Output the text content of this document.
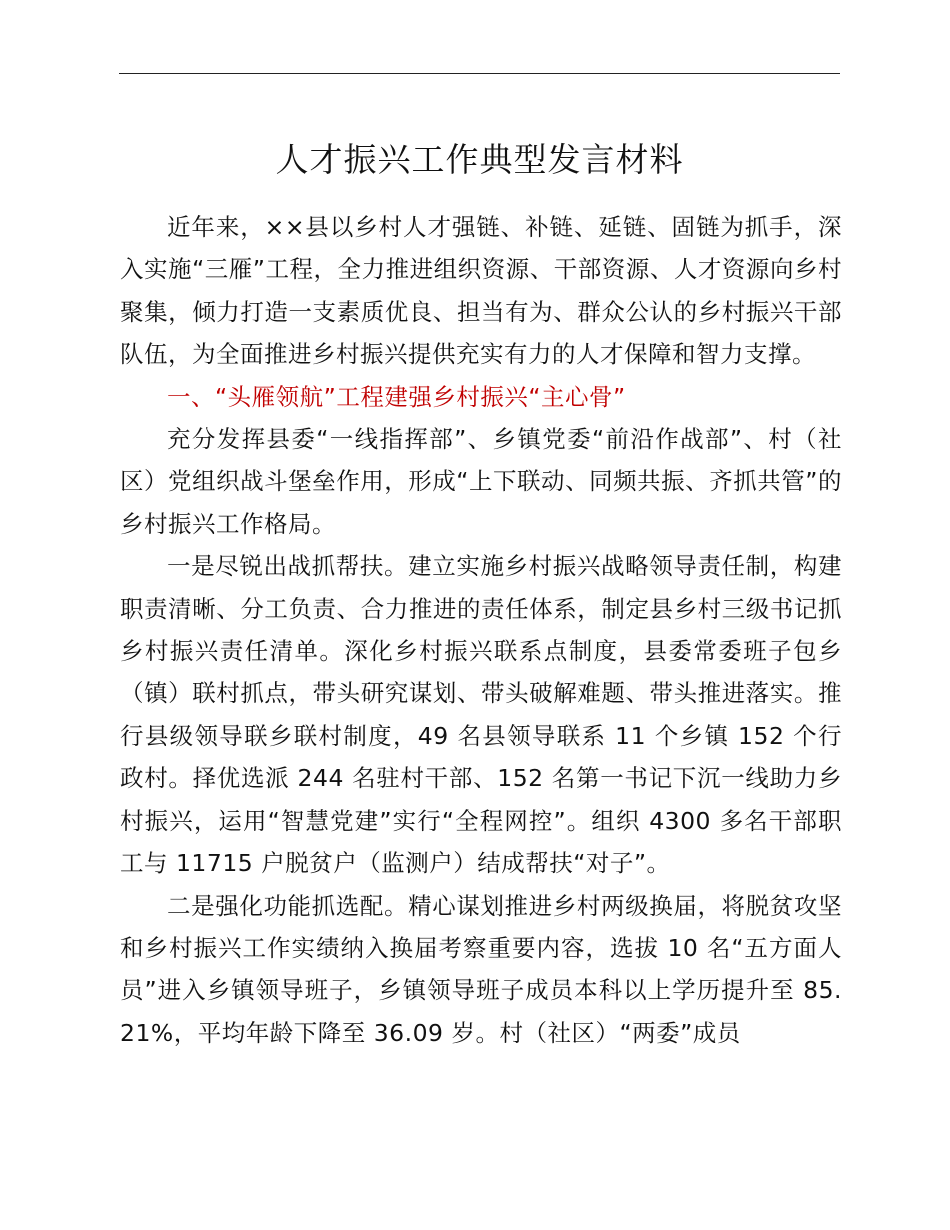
人才振兴工作典型发言材料

近年来，××县以乡村人才强链、补链、延链、固链为抓手，深入实施“三雁”工程，全力推进组织资源、干部资源、人才资源向乡村聚集，倾力打造一支素质优良、担当有为、群众公认的乡村振兴干部队伍，为全面推进乡村振兴提供充实有力的人才保障和智力支撑。

一、“头雁领航”工程建强乡村振兴“主心骨”

充分发挥县委“一线指挥部”、乡镇党委“前沿作战部”、村（社区）党组织战斗堡垒作用，形成“上下联动、同频共振、齐抓共管”的乡村振兴工作格局。

一是尽锐出战抓帮扶。建立实施乡村振兴战略领导责任制，构建职责清晰、分工负责、合力推进的责任体系，制定县乡村三级书记抓乡村振兴责任清单。深化乡村振兴联系点制度，县委常委班子包乡（镇）联村抓点，带头研究谋划、带头破解难题、带头推进落实。推行县级领导联乡联村制度，49 名县领导联系 11 个乡镇 152 个行政村。择优选派 244 名驻村干部、152 名第一书记下沉一线助力乡村振兴，运用“智慧党建”实行“全程网控”。组织 4300 多名干部职工与 11715 户脱贫户（监测户）结成帮扶“对子”。

二是强化功能抓选配。精心谋划推进乡村两级换届，将脱贫攻坚和乡村振兴工作实绩纳入换届考察重要内容，选拔 10 名“五方面人员”进入乡镇领导班子，乡镇领导班子成员本科以上学历提升至 85.21%，平均年龄下降至 36.09 岁。村（社区）“两委”成员
